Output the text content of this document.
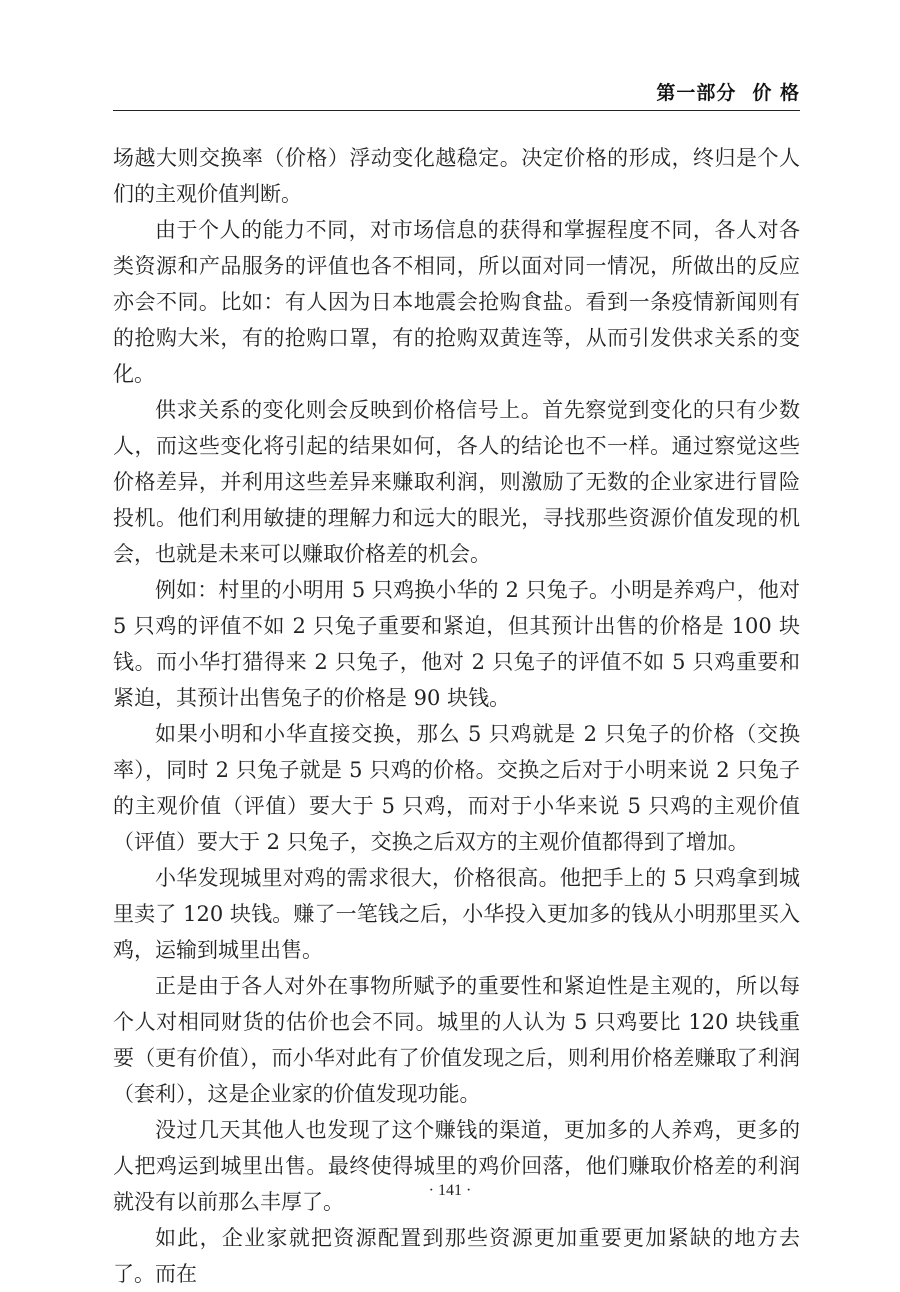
第一部分 价 格

场越大则交换率（价格）浮动变化越稳定。决定价格的形成，终归是个人们的主观价值判断。

由于个人的能力不同，对市场信息的获得和掌握程度不同，各人对各类资源和产品服务的评值也各不相同，所以面对同一情况，所做出的反应亦会不同。比如：有人因为日本地震会抢购食盐。看到一条疫情新闻则有的抢购大米，有的抢购口罩，有的抢购双黄连等，从而引发供求关系的变化。

供求关系的变化则会反映到价格信号上。首先察觉到变化的只有少数人，而这些变化将引起的结果如何，各人的结论也不一样。通过察觉这些价格差异，并利用这些差异来赚取利润，则激励了无数的企业家进行冒险投机。他们利用敏捷的理解力和远大的眼光，寻找那些资源价值发现的机会，也就是未来可以赚取价格差的机会。

例如：村里的小明用 5 只鸡换小华的 2 只兔子。小明是养鸡户，他对 5 只鸡的评值不如 2 只兔子重要和紧迫，但其预计出售的价格是 100 块钱。而小华打猎得来 2 只兔子，他对 2 只兔子的评值不如 5 只鸡重要和紧迫，其预计出售兔子的价格是 90 块钱。

如果小明和小华直接交换，那么 5 只鸡就是 2 只兔子的价格（交换率），同时 2 只兔子就是 5 只鸡的价格。交换之后对于小明来说 2 只兔子的主观价值（评值）要大于 5 只鸡，而对于小华来说 5 只鸡的主观价值（评值）要大于 2 只兔子，交换之后双方的主观价值都得到了增加。

小华发现城里对鸡的需求很大，价格很高。他把手上的 5 只鸡拿到城里卖了 120 块钱。赚了一笔钱之后，小华投入更加多的钱从小明那里买入鸡，运输到城里出售。

正是由于各人对外在事物所赋予的重要性和紧迫性是主观的，所以每个人对相同财货的估价也会不同。城里的人认为 5 只鸡要比 120 块钱重要（更有价值），而小华对此有了价值发现之后，则利用价格差赚取了利润（套利），这是企业家的价值发现功能。

没过几天其他人也发现了这个赚钱的渠道，更加多的人养鸡，更多的人把鸡运到城里出售。最终使得城里的鸡价回落，他们赚取价格差的利润就没有以前那么丰厚了。

如此，企业家就把资源配置到那些资源更加重要更加紧缺的地方去了。而在

· 141 ·
